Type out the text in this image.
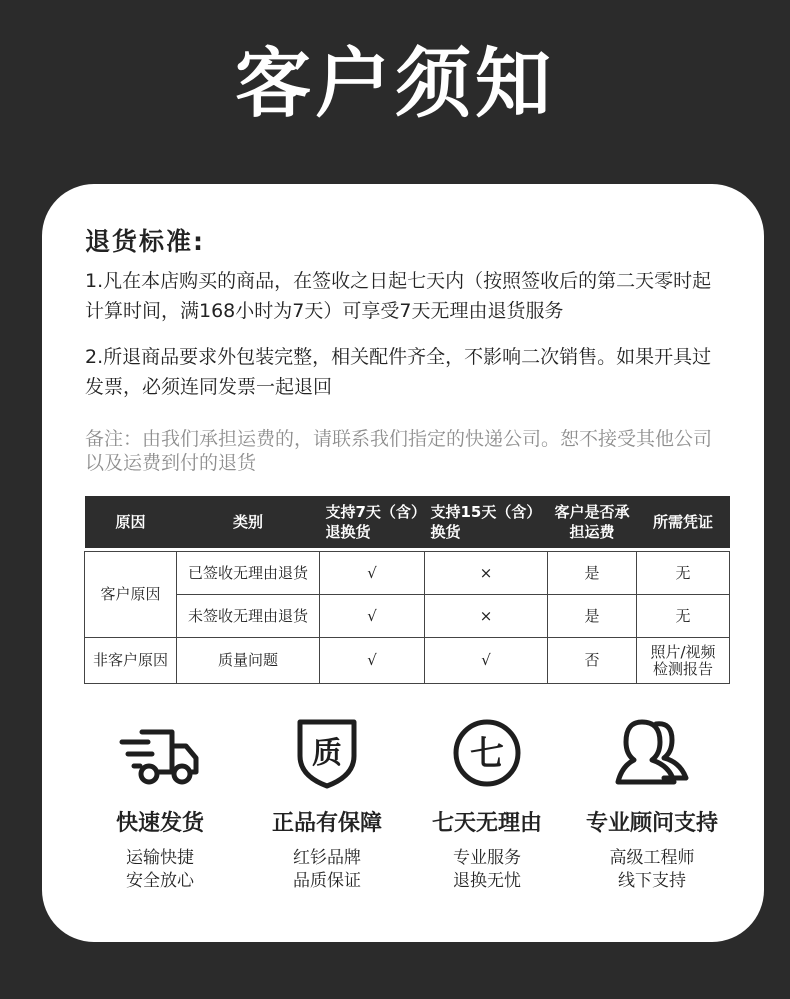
客户须知
退货标准:
1.凡在本店购买的商品，在签收之日起七天内（按照签收后的第二天零时起计算时间，满168小时为7天）可享受7天无理由退货服务
2.所退商品要求外包装完整，相关配件齐全，不影响二次销售。如果开具过发票，必须连同发票一起退回
备注：由我们承担运费的，请联系我们指定的快递公司。恕不接受其他公司以及运费到付的退货
原因	类别	支持7天（含）退换货	支持15天（含）换货	客户是否承担运费	所需凭证

客户原因	已签收无理由退货	√	×	是	无
	未签收无理由退货	√	×	是	无
非客户原因	质量问题	√	√	否	照片/视频
检测报告
快速发货
运输快捷
安全放心
质
正品有保障
红钐品牌
品质保证
七
七天无理由
专业服务
退换无忧
专业顾问支持
高级工程师
线下支持
